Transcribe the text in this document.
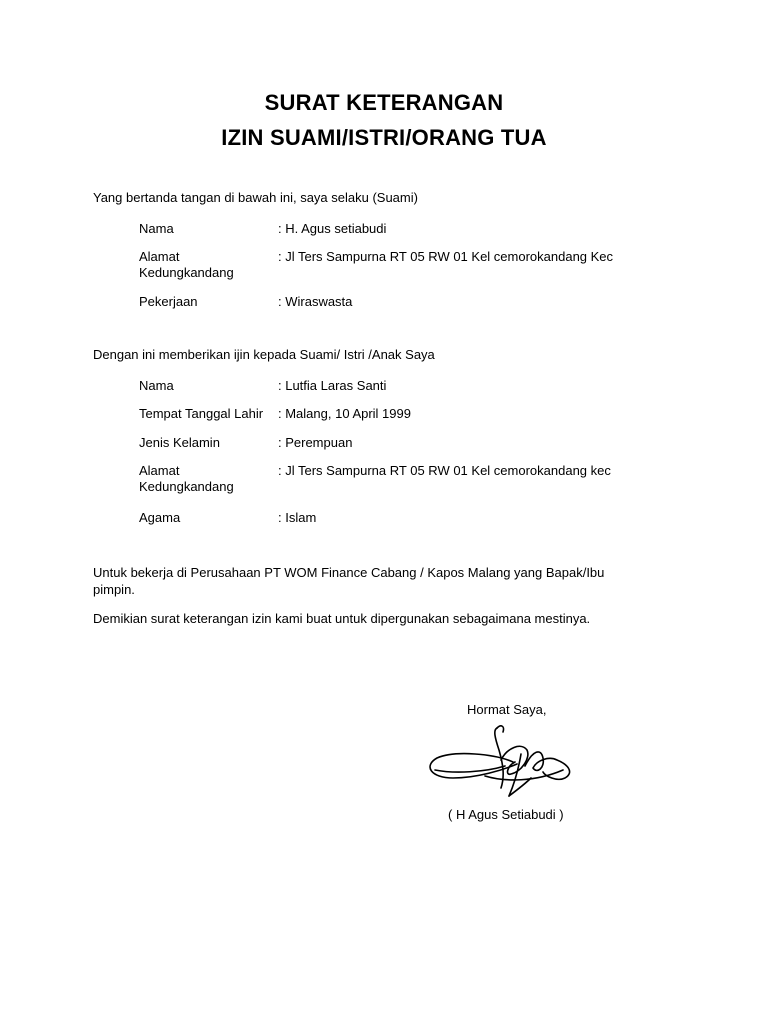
SURAT KETERANGAN
IZIN SUAMI/ISTRI/ORANG TUA
Yang bertanda tangan di bawah ini, saya selaku (Suami)
Nama	: H. Agus setiabudi
Alamat	: Jl Ters Sampurna RT 05 RW 01 Kel cemorokandang Kec
Kedungkandang
Pekerjaan	: Wiraswasta
Dengan ini memberikan ijin kepada Suami/ Istri /Anak Saya
Nama	: Lutfia Laras Santi
Tempat Tanggal Lahir : Malang, 10 April 1999
Jenis Kelamin	: Perempuan
Alamat	: Jl Ters Sampurna RT 05 RW 01 Kel cemorokandang kec
Kedungkandang
Agama	: Islam
Untuk bekerja di Perusahaan PT WOM Finance Cabang / Kapos Malang yang Bapak/Ibu
pimpin.
Demikian surat keterangan izin kami buat untuk dipergunakan sebagaimana mestinya.
Hormat Saya,
( H Agus Setiabudi )
